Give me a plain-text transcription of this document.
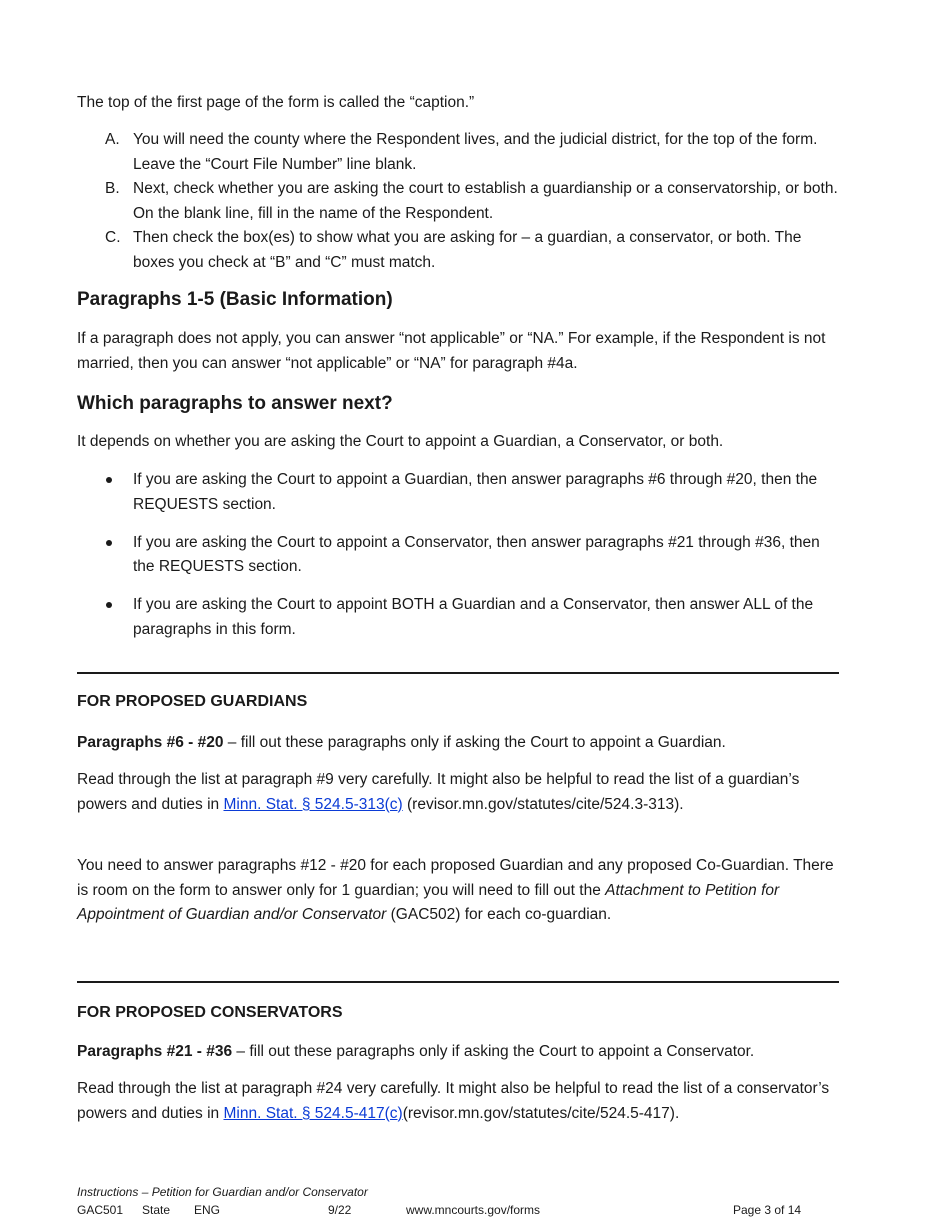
The top of the first page of the form is called the “caption.”

A. You will need the county where the Respondent lives, and the judicial district, for the top of the form. Leave the “Court File Number” line blank.
B. Next, check whether you are asking the court to establish a guardianship or a conservatorship, or both. On the blank line, fill in the name of the Respondent.
C. Then check the box(es) to show what you are asking for – a guardian, a conservator, or both. The boxes you check at “B” and “C” must match.
Paragraphs 1-5 (Basic Information)

If a paragraph does not apply, you can answer “not applicable” or “NA.” For example, if the Respondent is not married, then you can answer “not applicable” or “NA” for paragraph #4a.

Which paragraphs to answer next?

It depends on whether you are asking the Court to appoint a Guardian, a Conservator, or both.

If you are asking the Court to appoint a Guardian, then answer paragraphs #6 through #20, then the REQUESTS section.
If you are asking the Court to appoint a Conservator, then answer paragraphs #21 through #36, then the REQUESTS section.
If you are asking the Court to appoint BOTH a Guardian and a Conservator, then answer ALL of the paragraphs in this form.
FOR PROPOSED GUARDIANS

Paragraphs #6 - #20 – fill out these paragraphs only if asking the Court to appoint a Guardian.

Read through the list at paragraph #9 very carefully. It might also be helpful to read the list of a guardian’s powers and duties in Minn. Stat. § 524.5-313(c) (revisor.mn.gov/statutes/cite/524.3-313).

You need to answer paragraphs #12 - #20 for each proposed Guardian and any proposed Co-Guardian. There is room on the form to answer only for 1 guardian; you will need to fill out the Attachment to Petition for Appointment of Guardian and/or Conservator (GAC502) for each co-guardian.

FOR PROPOSED CONSERVATORS

Paragraphs #21 - #36 – fill out these paragraphs only if asking the Court to appoint a Conservator.

Read through the list at paragraph #24 very carefully. It might also be helpful to read the list of a conservator’s powers and duties in Minn. Stat. § 524.5-417(c)(revisor.mn.gov/statutes/cite/524.5-417).

Instructions – Petition for Guardian and/or Conservator
GAC501 State ENG	9/22	www.mncourts.gov/forms	Page 3 of 14
